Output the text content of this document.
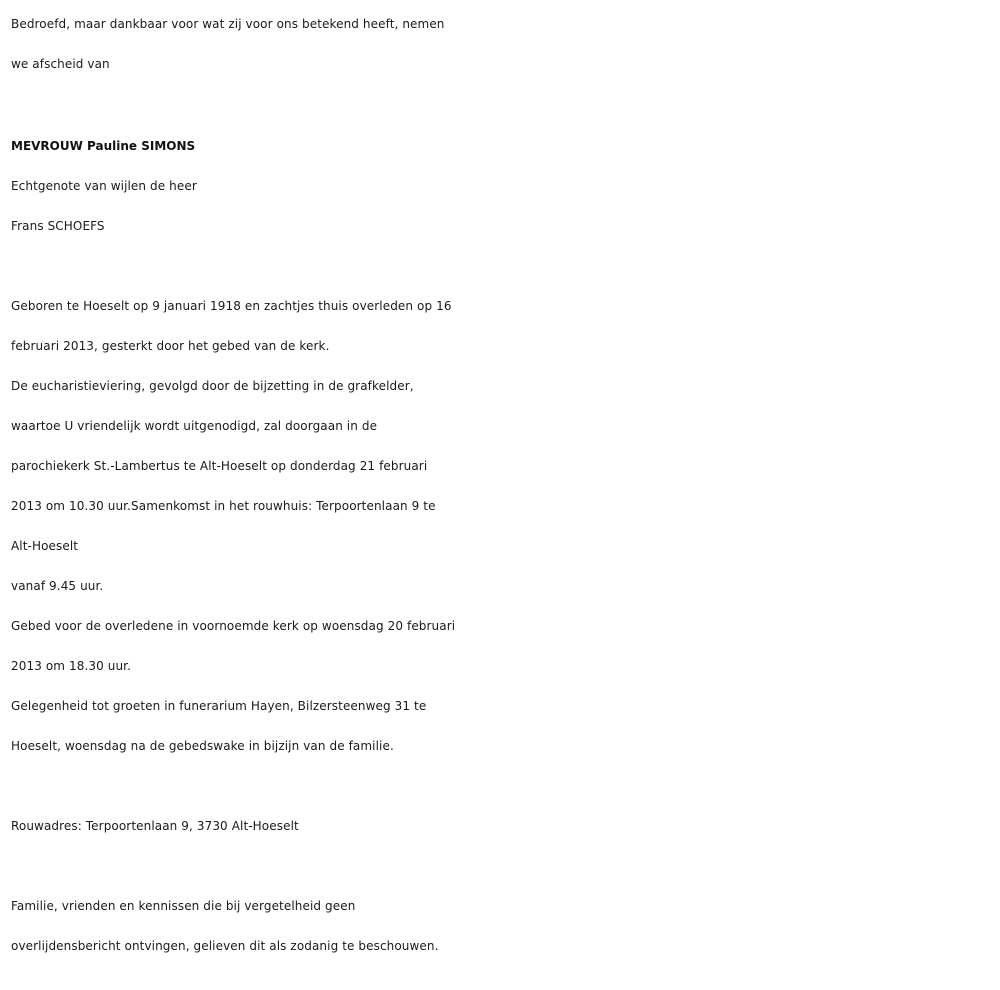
Bedroefd, maar dankbaar voor wat zij voor ons betekend heeft, nemen
we afscheid van
MEVROUW Pauline SIMONS
Echtgenote van wijlen de heer
Frans SCHOEFS
Geboren te Hoeselt op 9 januari 1918 en zachtjes thuis overleden op 16
februari 2013, gesterkt door het gebed van de kerk.
De eucharistieviering, gevolgd door de bijzetting in de grafkelder,
waartoe U vriendelijk wordt uitgenodigd, zal doorgaan in de
parochiekerk St.-Lambertus te Alt-Hoeselt op donderdag 21 februari
2013 om 10.30 uur.Samenkomst in het rouwhuis: Terpoortenlaan 9 te
Alt-Hoeselt
vanaf 9.45 uur.
Gebed voor de overledene in voornoemde kerk op woensdag 20 februari
2013 om 18.30 uur.
Gelegenheid tot groeten in funerarium Hayen, Bilzersteenweg 31 te
Hoeselt, woensdag na de gebedswake in bijzijn van de familie.
Rouwadres: Terpoortenlaan 9, 3730 Alt-Hoeselt
Familie, vrienden en kennissen die bij vergetelheid geen
overlijdensbericht ontvingen, gelieven dit als zodanig te beschouwen.
